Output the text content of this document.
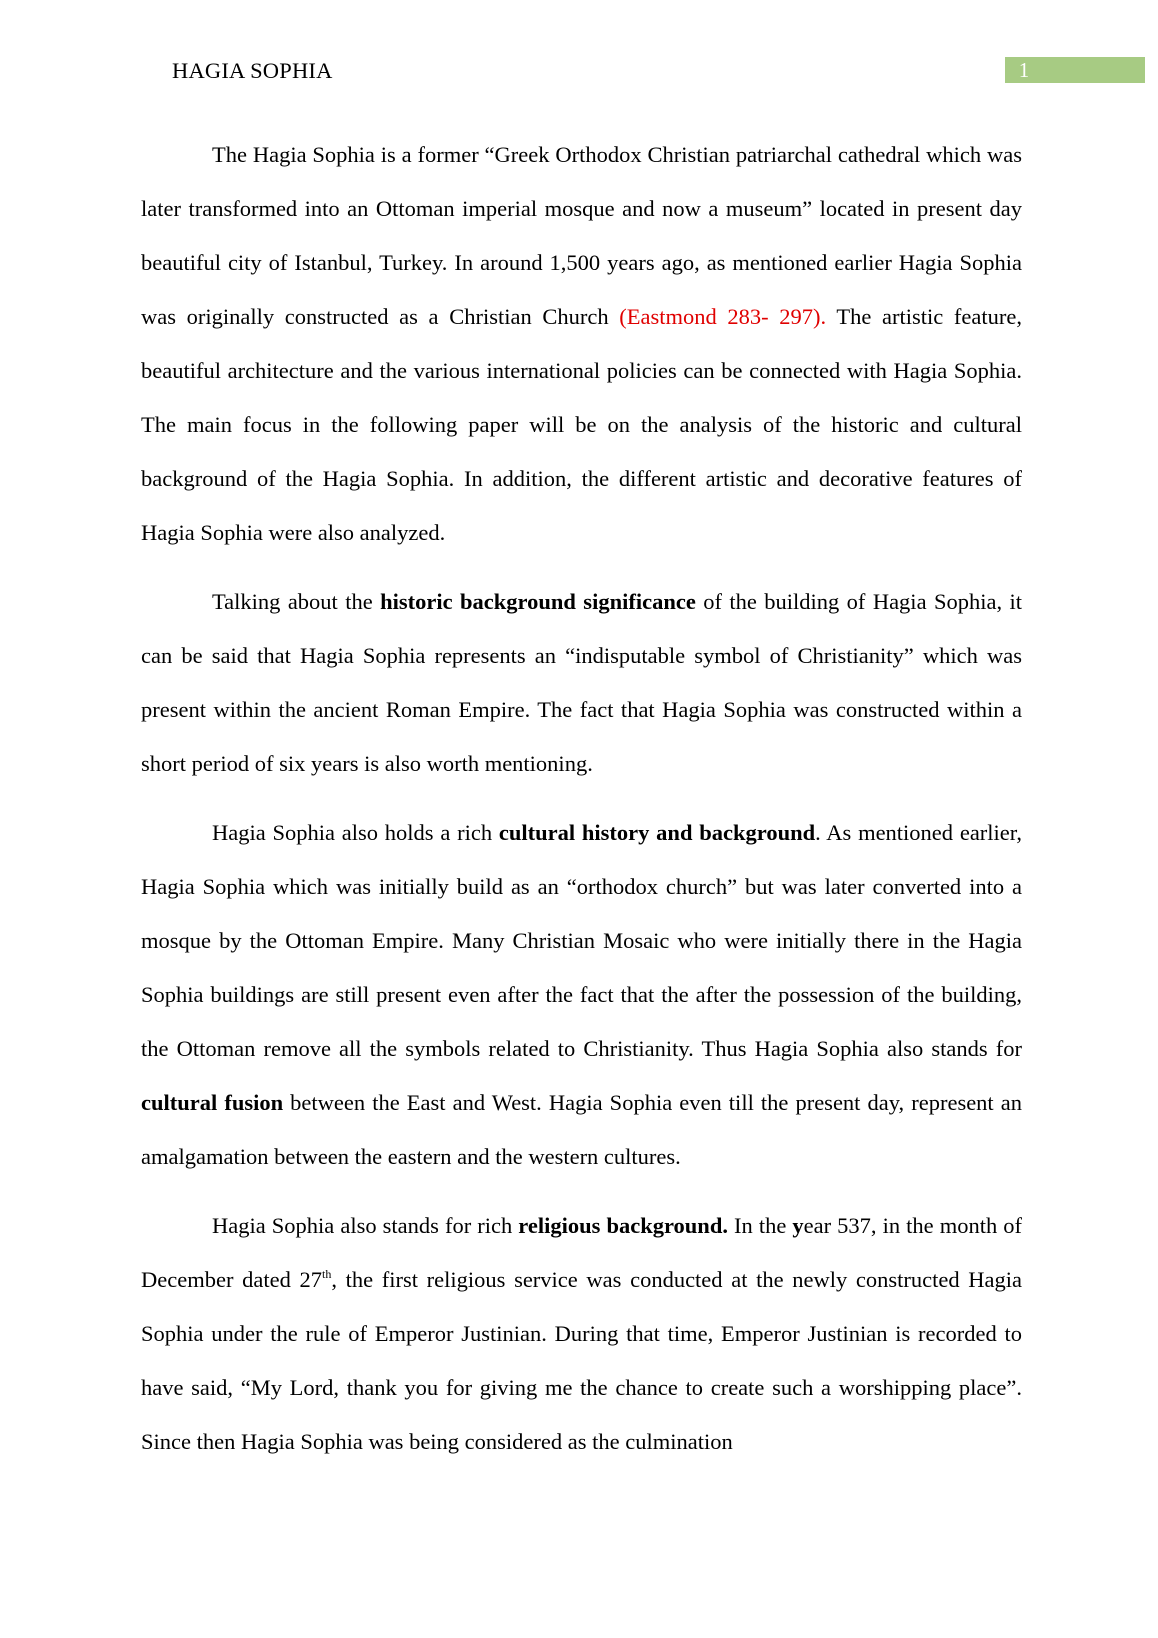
HAGIA SOPHIA	1

The Hagia Sophia is a former “Greek Orthodox Christian patriarchal cathedral which was later transformed into an Ottoman imperial mosque and now a museum” located in present day beautiful city of Istanbul, Turkey. In around 1,500 years ago, as mentioned earlier Hagia Sophia was originally constructed as a Christian Church (Eastmond 283- 297). The artistic feature, beautiful architecture and the various international policies can be connected with Hagia Sophia. The main focus in the following paper will be on the analysis of the historic and cultural background of the Hagia Sophia. In addition, the different artistic and decorative features of Hagia Sophia were also analyzed.

Talking about the historic background significance of the building of Hagia Sophia, it can be said that Hagia Sophia represents an “indisputable symbol of Christianity” which was present within the ancient Roman Empire. The fact that Hagia Sophia was constructed within a short period of six years is also worth mentioning.

Hagia Sophia also holds a rich cultural history and background. As mentioned earlier, Hagia Sophia which was initially build as an “orthodox church” but was later converted into a mosque by the Ottoman Empire. Many Christian Mosaic who were initially there in the Hagia Sophia buildings are still present even after the fact that the after the possession of the building, the Ottoman remove all the symbols related to Christianity. Thus Hagia Sophia also stands for cultural fusion between the East and West. Hagia Sophia even till the present day, represent an amalgamation between the eastern and the western cultures.

Hagia Sophia also stands for rich religious background. In the year 537, in the month of December dated 27th, the first religious service was conducted at the newly constructed Hagia Sophia under the rule of Emperor Justinian. During that time, Emperor Justinian is recorded to have said, “My Lord, thank you for giving me the chance to create such a worshipping place”. Since then Hagia Sophia was being considered as the culmination
